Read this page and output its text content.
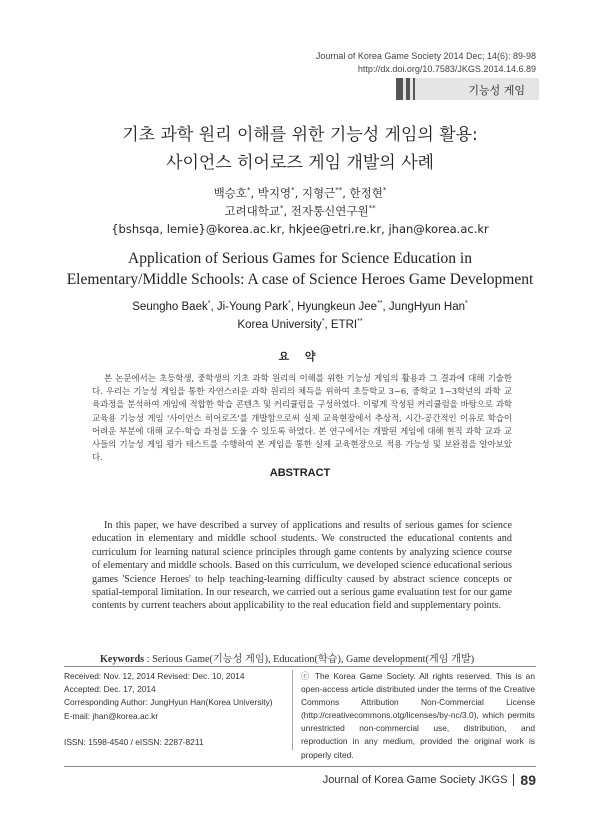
Journal of Korea Game Society 2014 Dec; 14(6): 89-98
http://dx.doi.org/10.7583/JKGS.2014.14.6.89
기능성 게임
기초 과학 원리 이해를 위한 기능성 게임의 활용:
사이언스 히어로즈 게임 개발의 사례
백승호*, 박지영*, 지형근**, 한정현*
고려대학교*, 전자통신연구원**
{bshsqa, lemie}@korea.ac.kr, hkjee@etri.re.kr, jhan@korea.ac.kr
Application of Serious Games for Science Education in
Elementary/Middle Schools: A case of Science Heroes Game Development
Seungho Baek*, Ji-Young Park*, Hyungkeun Jee**, JungHyun Han*
Korea University*, ETRI**
요 약
본 논문에서는 초등학생, 중학생의 기초 과학 원리의 이해를 위한 기능성 게임의 활용과 그 결과에 대해 기술한다. 우리는 기능성 게임을 통한 자연스러운 과학 원리의 체득을 위하여 초등학교 3~6, 중학교 1~3학년의 과학 교육과정을 분석하여 게임에 적합한 학습 콘텐츠 및 커리큘럼을 구성하였다. 이렇게 작성된 커리큘럼을 바탕으로 과학 교육용 기능성 게임 '사이언스 히어로즈'를 개발함으로써 실제 교육현장에서 추상적, 시간-공간적인 이유로 학습이 어려운 부분에 대해 교수-학습 과정을 도울 수 있도록 하였다. 본 연구에서는 개발된 게임에 대해 현직 과학 교과 교사들의 기능성 게임 평가 테스트를 수행하여 본 게임을 통한 실제 교육현장으로 적용 가능성 및 보완점을 알아보았다.
ABSTRACT
In this paper, we have described a survey of applications and results of serious games for science education in elementary and middle school students. We constructed the educational contents and curriculum for learning natural science principles through game contents by analyzing science course of elementary and middle schools. Based on this curriculum, we developed science educational serious games 'Science Heroes' to help teaching-learning difficulty caused by abstract science concepts or spatial-temporal limitation. In our research, we carried out a serious game evaluation test for our game contents by current teachers about applicability to the real education field and supplementary points.
Keywords : Serious Game(기능성 게임), Education(학습), Game development(게임 개발)
Received: Nov. 12, 2014 Revised: Dec. 10, 2014
Accepted: Dec. 17, 2014
Corresponding Author: JungHyun Han(Korea University)
E-mail: jhan@korea.ac.kr
ISSN: 1598-4540 / eISSN: 2287-8211
ⓒ The Korea Game Society. All rights reserved. This is an open-access article distributed under the terms of the Creative Commons Attribution Non-Commercial License (http://creativecommons.otg/licenses/by-nc/3.0), which permits unrestricted non-commercial use, distribution, and reproduction in any medium, provided the original work is properly cited.
Journal of Korea Game Society JKGS 89
